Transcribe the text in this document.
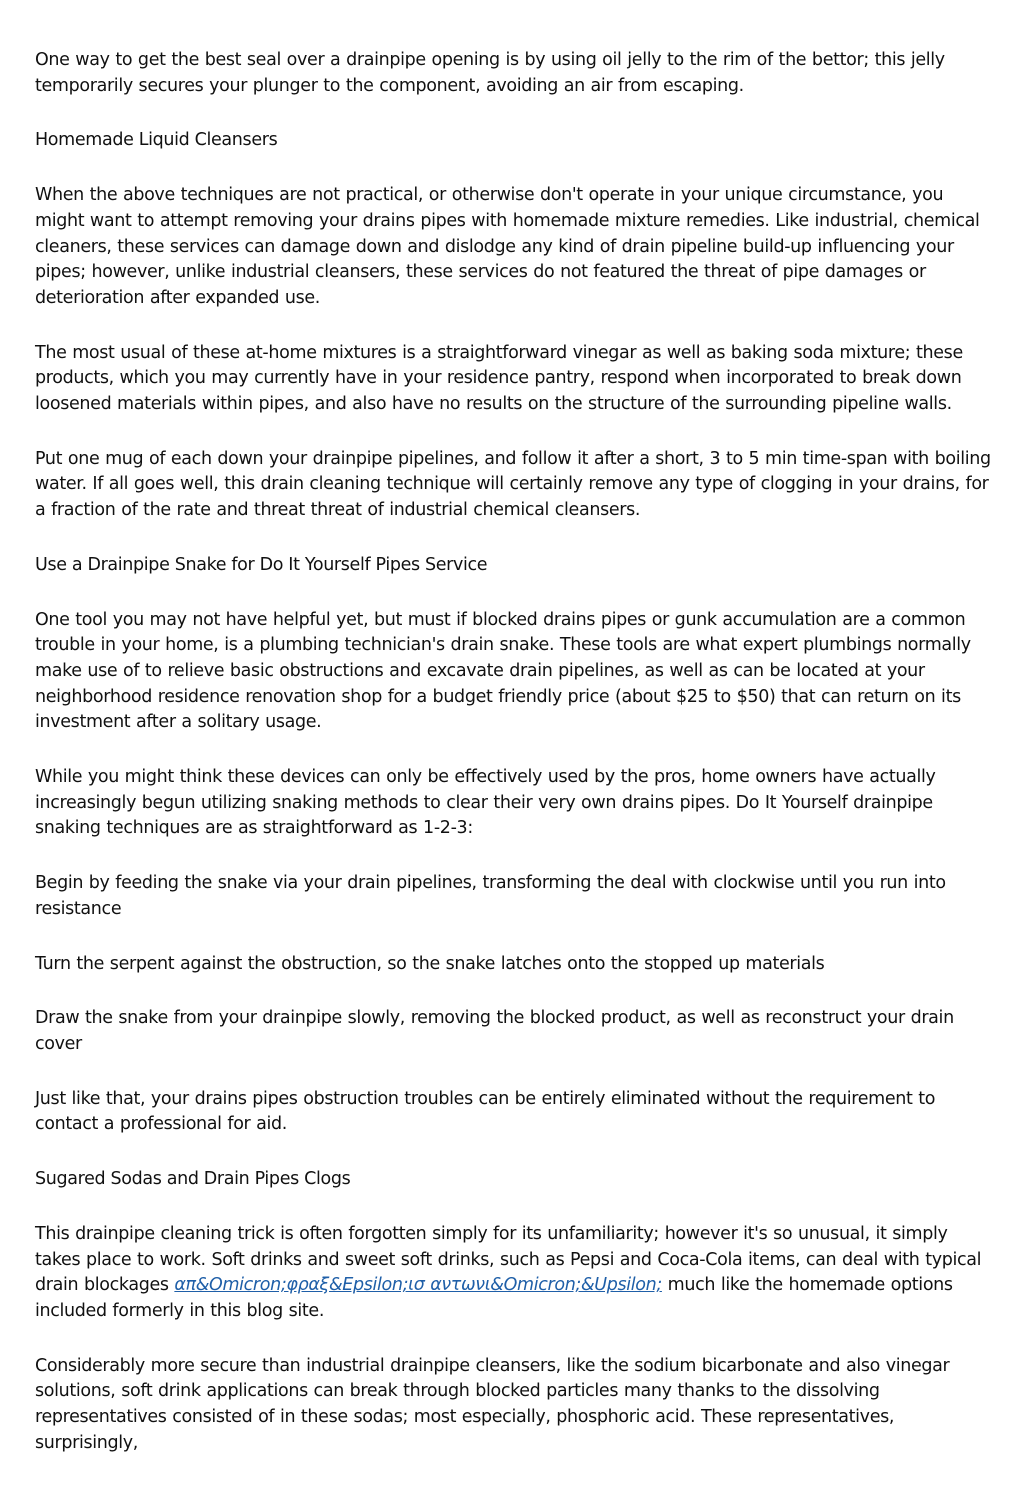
One way to get the best seal over a drainpipe opening is by using oil jelly to the rim of the bettor; this jelly temporarily secures your plunger to the component, avoiding an air from escaping.

Homemade Liquid Cleansers

When the above techniques are not practical, or otherwise don't operate in your unique circumstance, you might want to attempt removing your drains pipes with homemade mixture remedies. Like industrial, chemical cleaners, these services can damage down and dislodge any kind of drain pipeline build-up influencing your pipes; however, unlike industrial cleansers, these services do not featured the threat of pipe damages or deterioration after expanded use.

The most usual of these at-home mixtures is a straightforward vinegar as well as baking soda mixture; these products, which you may currently have in your residence pantry, respond when incorporated to break down loosened materials within pipes, and also have no results on the structure of the surrounding pipeline walls.

Put one mug of each down your drainpipe pipelines, and follow it after a short, 3 to 5 min time-span with boiling water. If all goes well, this drain cleaning technique will certainly remove any type of clogging in your drains, for a fraction of the rate and threat threat of industrial chemical cleansers.

Use a Drainpipe Snake for Do It Yourself Pipes Service

One tool you may not have helpful yet, but must if blocked drains pipes or gunk accumulation are a common trouble in your home, is a plumbing technician's drain snake. These tools are what expert plumbings normally make use of to relieve basic obstructions and excavate drain pipelines, as well as can be located at your neighborhood residence renovation shop for a budget friendly price (about $25 to $50) that can return on its investment after a solitary usage.

While you might think these devices can only be effectively used by the pros, home owners have actually increasingly begun utilizing snaking methods to clear their very own drains pipes. Do It Yourself drainpipe snaking techniques are as straightforward as 1-2-3:

Begin by feeding the snake via your drain pipelines, transforming the deal with clockwise until you run into resistance

Turn the serpent against the obstruction, so the snake latches onto the stopped up materials

Draw the snake from your drainpipe slowly, removing the blocked product, as well as reconstruct your drain cover

Just like that, your drains pipes obstruction troubles can be entirely eliminated without the requirement to contact a professional for aid.

Sugared Sodas and Drain Pipes Clogs

This drainpipe cleaning trick is often forgotten simply for its unfamiliarity; however it's so unusual, it simply takes place to work. Soft drinks and sweet soft drinks, such as Pepsi and Coca-Cola items, can deal with typical drain blockages απ&Omicron;φραξ&Epsilon;ισ αντωνι&Omicron;&Upsilon; much like the homemade options included formerly in this blog site.

Considerably more secure than industrial drainpipe cleansers, like the sodium bicarbonate and also vinegar solutions, soft drink applications can break through blocked particles many thanks to the dissolving representatives consisted of in these sodas; most especially, phosphoric acid. These representatives, surprisingly,
